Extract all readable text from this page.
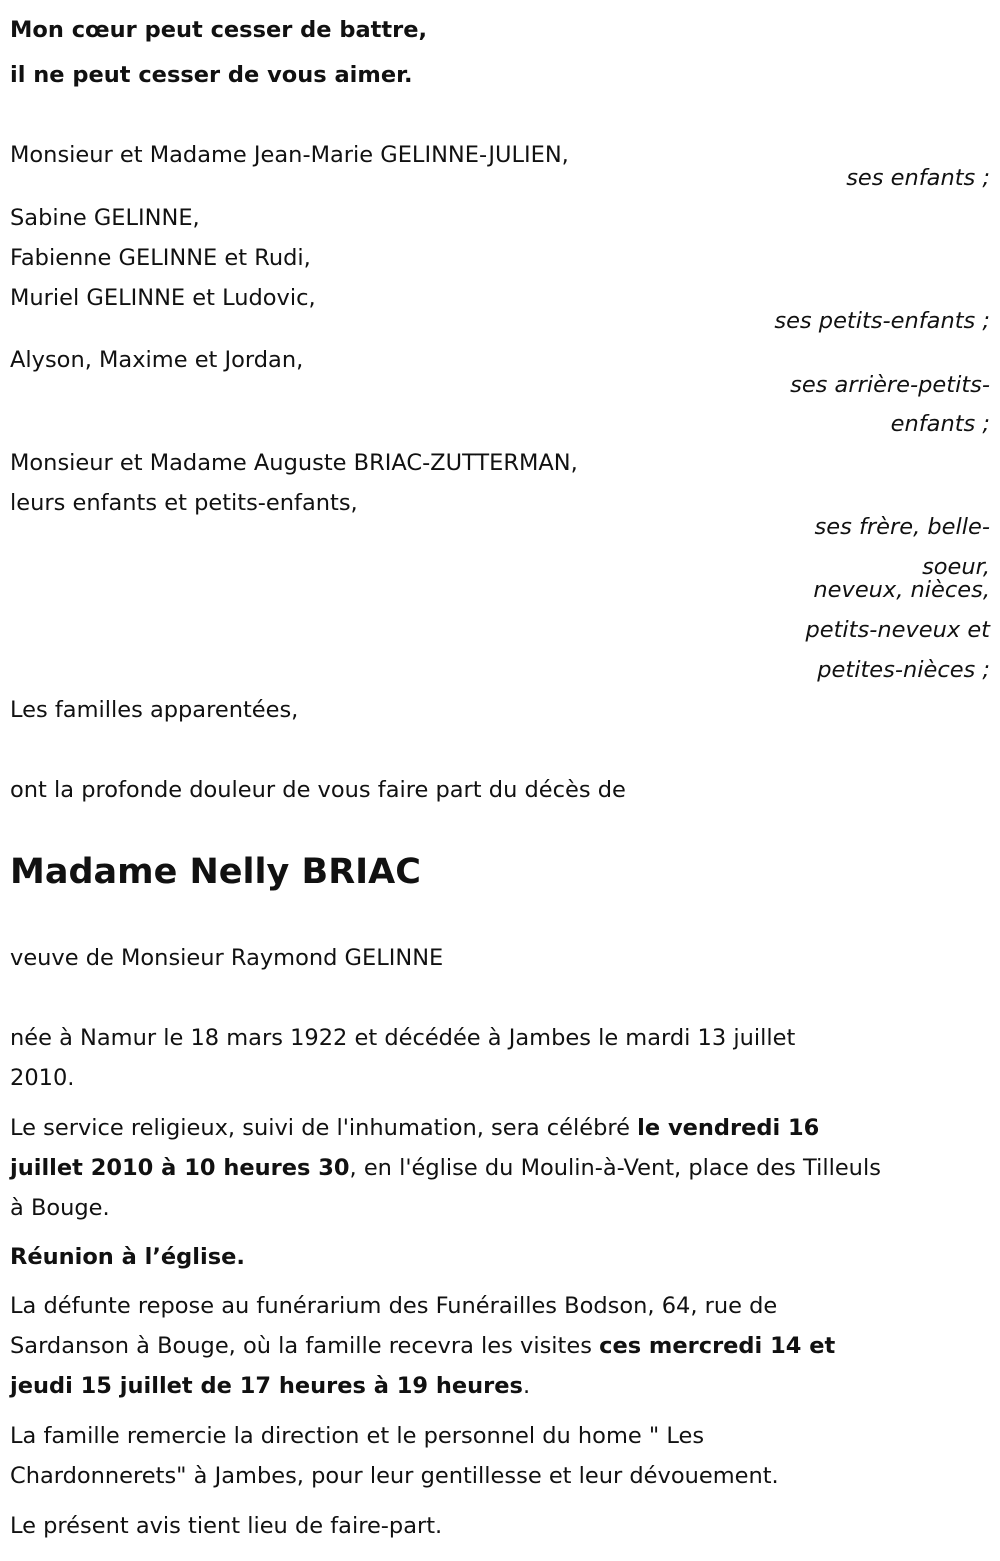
Mon cœur peut cesser de battre,
il ne peut cesser de vous aimer.
Monsieur et Madame Jean-Marie GELINNE-JULIEN,
ses enfants ;
Sabine GELINNE,
Fabienne GELINNE et Rudi,
Muriel GELINNE et Ludovic,
ses petits-enfants ;
Alyson, Maxime et Jordan,
ses arrière-petits-
enfants ;
Monsieur et Madame Auguste BRIAC-ZUTTERMAN,
leurs enfants et petits-enfants,
ses frère, belle-
soeur,
neveux, nièces,
petits-neveux et
petites-nièces ;
Les familles apparentées,
ont la profonde douleur de vous faire part du décès de
Madame Nelly BRIAC
veuve de Monsieur Raymond GELINNE
née à Namur le 18 mars 1922 et décédée à Jambes le mardi 13 juillet
2010.
Le service religieux, suivi de l'inhumation, sera célébré le vendredi 16
juillet 2010 à 10 heures 30, en l'église du Moulin-à-Vent, place des Tilleuls
à Bouge.
Réunion à l’église.
La défunte repose au funérarium des Funérailles Bodson, 64, rue de
Sardanson à Bouge, où la famille recevra les visites ces mercredi 14 et
jeudi 15 juillet de 17 heures à 19 heures.
La famille remercie la direction et le personnel du home " Les
Chardonnerets" à Jambes, pour leur gentillesse et leur dévouement.
Le présent avis tient lieu de faire-part.
